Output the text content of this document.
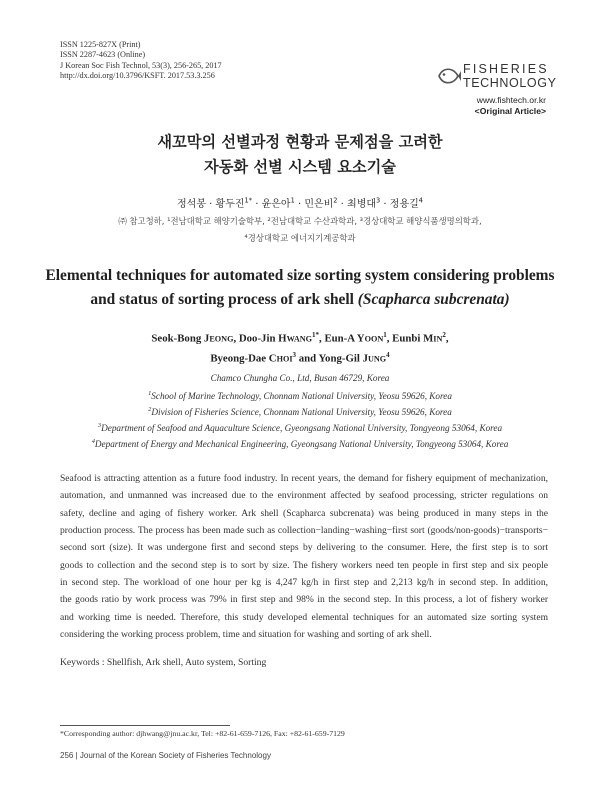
ISSN 1225-827X (Print)
ISSN 2287-4623 (Online)
J Korean Soc Fish Technol, 53(3), 256-265, 2017
http://dx.doi.org/10.3796/KSFT. 2017.53.3.256	FISHERIES
TECHNOLOGY
www.fishtech.or.kr
<Original Article>
새꼬막의 선별과정 현황과 문제점을 고려한
자동화 선별 시스템 요소기술
정석봉 · 황두진$^{1*}$ · 윤은아$^1$ · 민은비$^2$ · 최병대$^3$ · 정용길$^4$
㈜ 참고청하, ¹전남대학교 해양기술학부, ²전남대학교 수산과학과, ³경상대학교 해양식품생명의학과,
⁴경상대학교 에너지기계공학과
Elemental techniques for automated size sorting system considering problems
and status of sorting process of ark shell (Scapharca subcrenata)
Seok-Bong JEONG, Doo-Jin $HWANG^{1*}$, Eun-A YOON$^1$, Eunbi MIN$^2$,
Byeong-Dae CHOI$^3$ and Yong-Gil JUNG$^4$
Chamco Chungha Co., Ltd, Busan 46729, Korea
$^1$School of Marine Technology, Chonnam National University, Yeosu 59626, Korea
$^2$Division of Fisheries Science, Chonnam National University, Yeosu 59626, Korea
$^3$Department of Seafood and Aquaculture Science, Gyeongsang National University, Tongyeong 53064, Korea
$^4$Department of Energy and Mechanical Engineering, Gyeongsang National University, Tongyeong 53064, Korea
Seafood is attracting attention as a future food industry. In recent years, the demand for fishery equipment of mechanization,
automation, and unmanned was increased due to the environment affected by seafood processing, stricter regulations on
safety, decline and aging of fishery worker. Ark shell (Scapharca subcrenata) was being produced in many steps in the
production process. The process has been made such as collection−landing−washing−first sort (goods/non-goods)−transports−
second sort (size). It was undergone first and second steps by delivering to the consumer. Here, the first step is to sort
goods to collection and the second step is to sort by size. The fishery workers need ten people in first step and six people
in second step. The workload of one hour per kg is 4,247 kg/h in first step and 2,213 kg/h in second step. In addition,
the goods ratio by work process was 79% in first step and 98% in the second step. In this process, a lot of fishery worker
and working time is needed. Therefore, this study developed elemental techniques for an automated size sorting system
considering the working process problem, time and situation for washing and sorting of ark shell.
Keywords : Shellfish, Ark shell, Auto system, Sorting
*Corresponding author: djhwang@jnu.ac.kr, Tel: +82-61-659-7126, Fax: +82-61-659-7129
256 | Journal of the Korean Society of Fisheries Technology
